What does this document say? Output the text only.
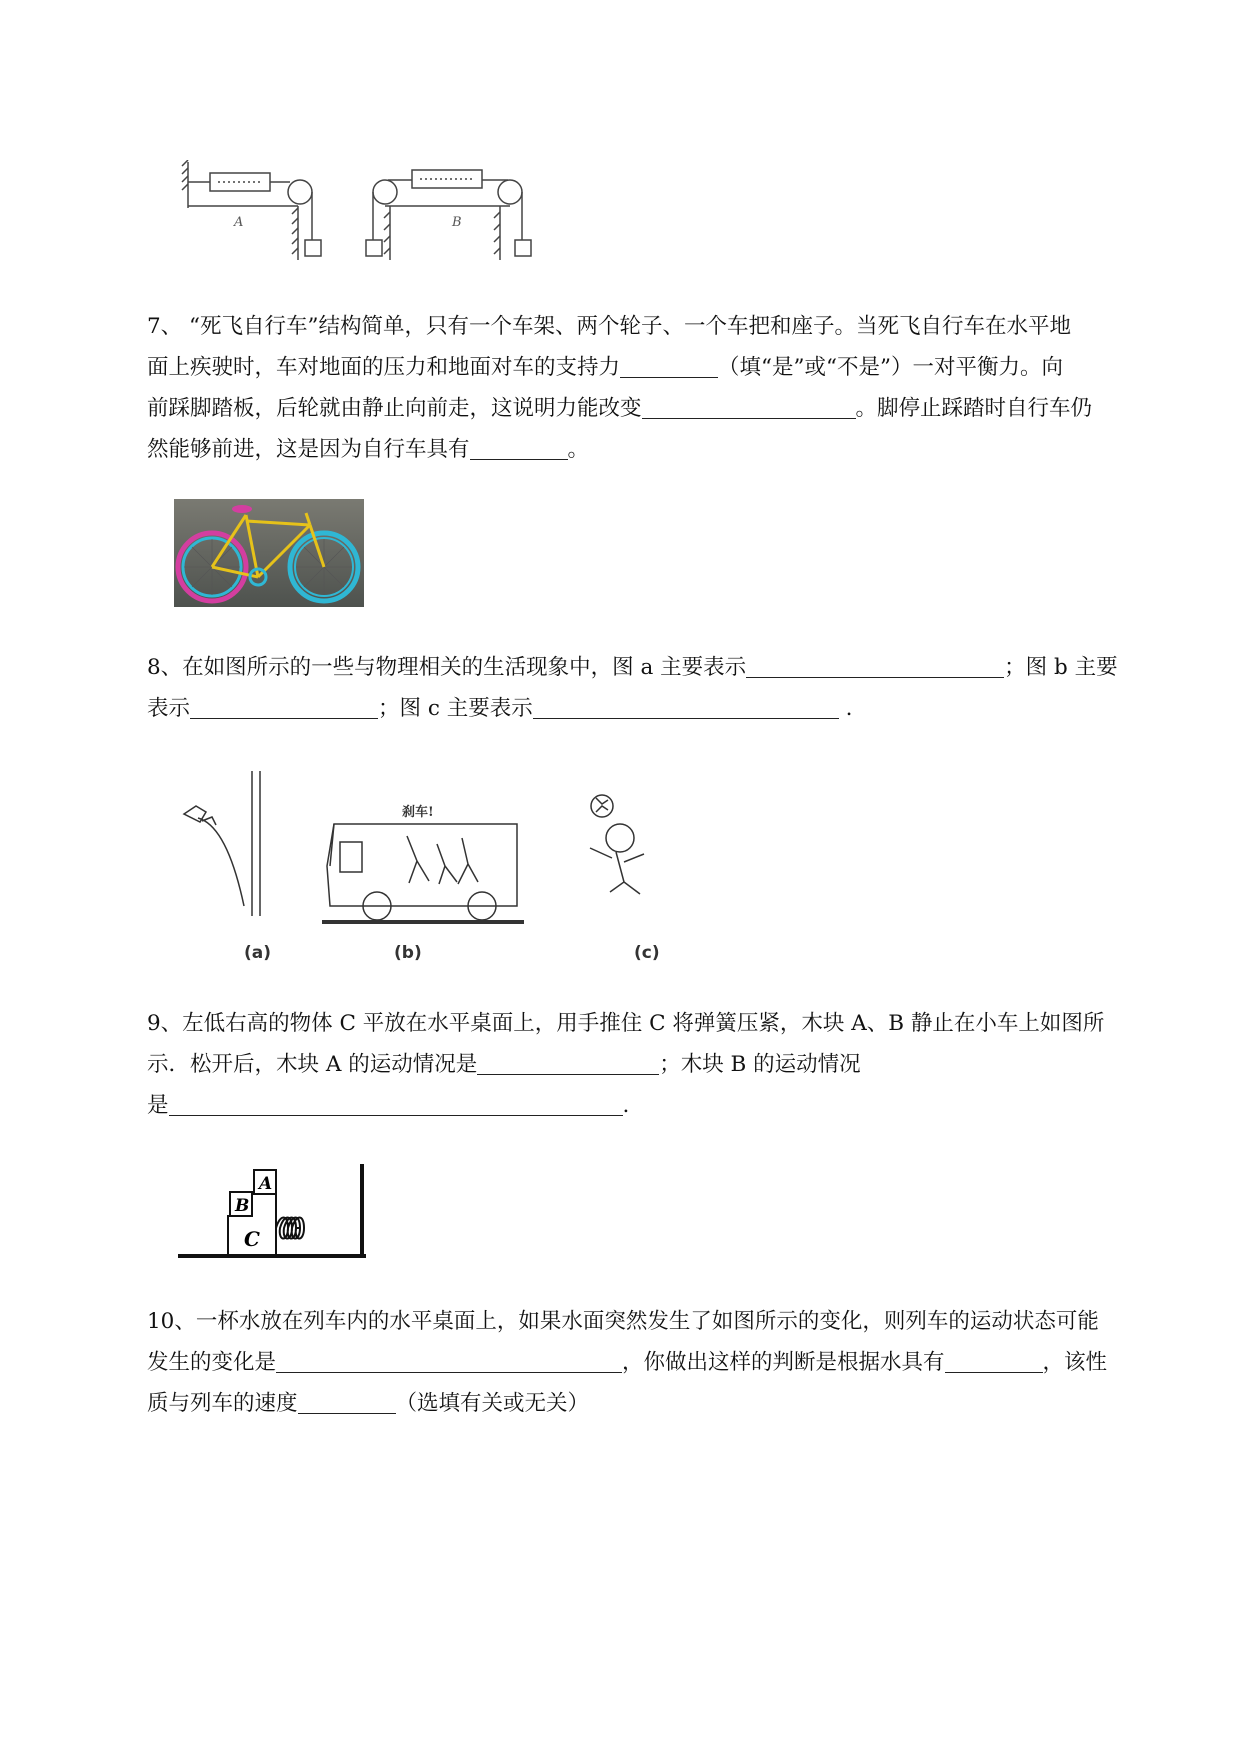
A	B

7、 “死飞自行车”结构简单，只有一个车架、两个轮子、一个车把和座子。当死飞自行车在水平地

面上疾驶时，车对地面的压力和地面对车的支持力	（填“是”或“不是”）一对平衡力。向

前踩脚踏板，后轮就由静止向前走，这说明力能改变	。脚停止踩踏时自行车仍

然能够前进，这是因为自行车具有	。

8、在如图所示的一些与物理相关的生活现象中，图 a 主要表示	；图 b 主要

表示	；图 c 主要表示	.

刹车!
(a)	(b)	(c)

9、左低右高的物体 C 平放在水平桌面上，用手推住 C 将弹簧压紧，木块 A、B 静止在小车上如图所

示．松开后，木块 A 的运动情况是	；木块 B 的运动情况

是	.

B
A
C

10、一杯水放在列车内的水平桌面上，如果水面突然发生了如图所示的变化，则列车的运动状态可能

发生的变化是	，你做出这样的判断是根据水具有	，该性

质与列车的速度	（选填有关或无关）
